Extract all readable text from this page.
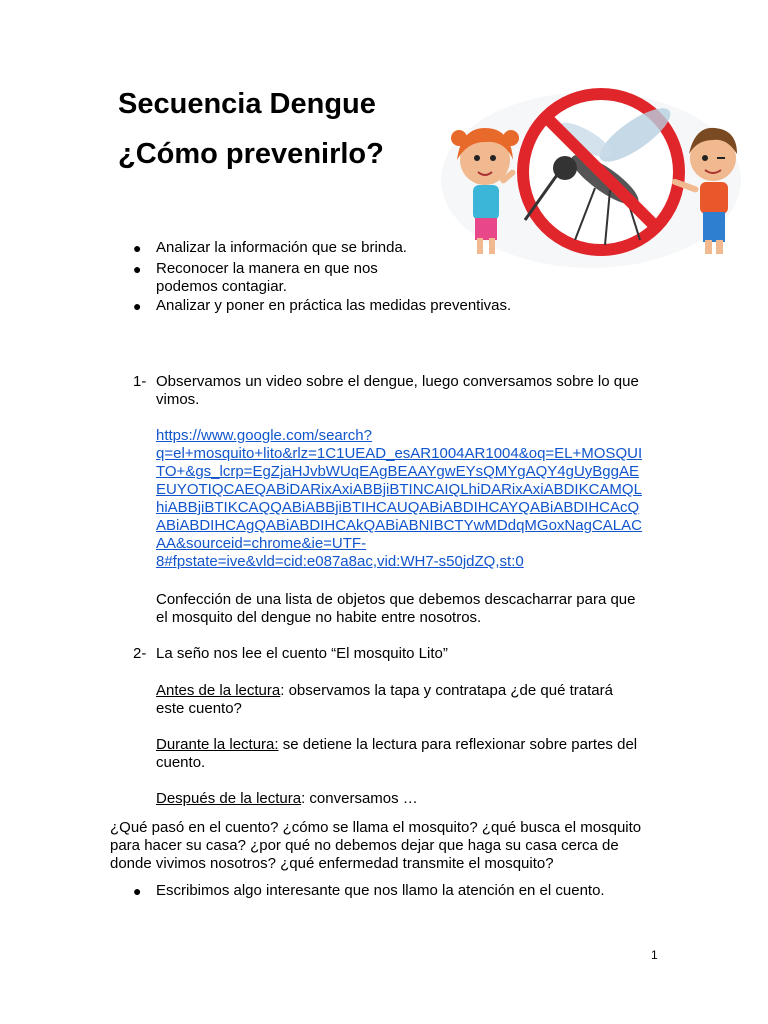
Secuencia Dengue
¿Cómo prevenirlo?
● Analizar la información que se brinda.
● Reconocer la manera en que nos
podemos contagiar.
● Analizar y poner en práctica las medidas preventivas.
1- Observamos un video sobre el dengue, luego conversamos sobre lo que
vimos.
https://www.google.com/search?
q=el+mosquito+lito&rlz=1C1UEAD_esAR1004AR1004&oq=EL+MOSQUI
TO+&gs_lcrp=EgZjaHJvbWUqEAgBEAAYgwEYsQMYgAQY4gUyBggAE
EUYOTIQCAEQABiDARixAxiABBjiBTINCAIQLhiDARixAxiABDIKCAMQL
hiABBjiBTIKCAQQABiABBjiBTIHCAUQABiABDIHCAYQABiABDIHCAcQ
ABiABDIHCAgQABiABDIHCAkQABiABNIBCTYwMDdqMGoxNagCALAC
AA&sourceid=chrome&ie=UTF-
8#fpstate=ive&vld=cid:e087a8ac,vid:WH7-s50jdZQ,st:0
Confección de una lista de objetos que debemos descacharrar para que
el mosquito del dengue no habite entre nosotros.
2- La seño nos lee el cuento “El mosquito Lito”
Antes de la lectura: observamos la tapa y contratapa ¿de qué tratará
este cuento?
Durante la lectura: se detiene la lectura para reflexionar sobre partes del
cuento.
Después de la lectura: conversamos …
¿Qué pasó en el cuento? ¿cómo se llama el mosquito? ¿qué busca el mosquito
para hacer su casa? ¿por qué no debemos dejar que haga su casa cerca de
donde vivimos nosotros? ¿qué enfermedad transmite el mosquito?
● Escribimos algo interesante que nos llamo la atención en el cuento.
1
